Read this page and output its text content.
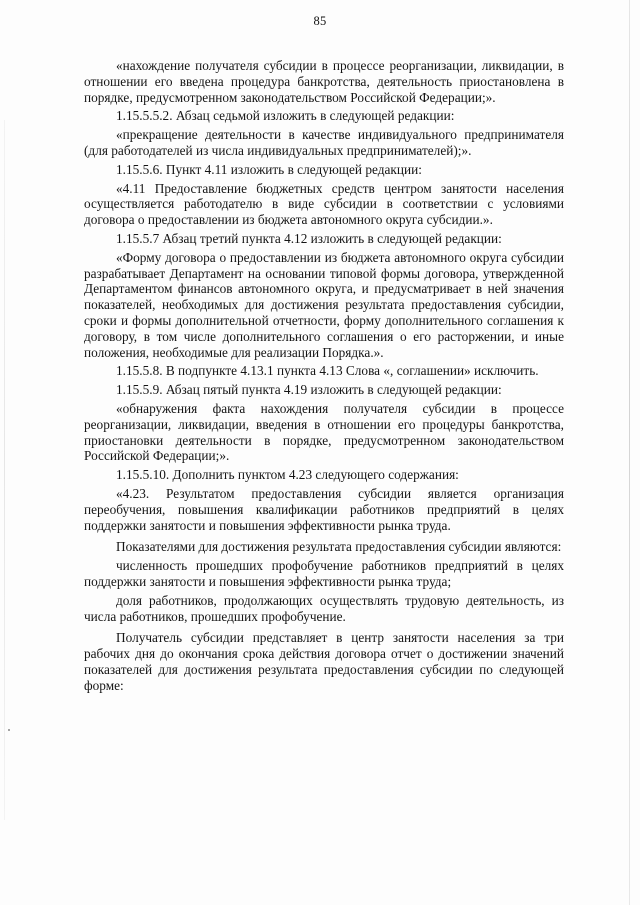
85

«нахождение получателя субсидии в процессе реорганизации, ликвидации, в отношении его введена процедура банкротства, деятельность приостановлена в порядке, предусмотренном законодательством Российской Федерации;».

1.15.5.5.2. Абзац седьмой изложить в следующей редакции:

«прекращение деятельности в качестве индивидуального предпринимателя (для работодателей из числа индивидуальных предпринимателей);».

1.15.5.6. Пункт 4.11 изложить в следующей редакции:

«4.11 Предоставление бюджетных средств центром занятости населения осуществляется работодателю в виде субсидии в соответствии с условиями договора о предоставлении из бюджета автономного округа субсидии.».

1.15.5.7 Абзац третий пункта 4.12 изложить в следующей редакции:

«Форму договора о предоставлении из бюджета автономного округа субсидии разрабатывает Департамент на основании типовой формы договора, утвержденной Департаментом финансов автономного округа, и предусматривает в ней значения показателей, необходимых для достижения результата предоставления субсидии, сроки и формы дополнительной отчетности, форму дополнительного соглашения к договору, в том числе дополнительного соглашения о его расторжении, и иные положения, необходимые для реализации Порядка.».

1.15.5.8. В подпункте 4.13.1 пункта 4.13 Слова «, соглашении» исключить.

1.15.5.9. Абзац пятый пункта 4.19 изложить в следующей редакции:

«обнаружения факта нахождения получателя субсидии в процессе реорганизации, ликвидации, введения в отношении его процедуры банкротства, приостановки деятельности в порядке, предусмотренном законодательством Российской Федерации;».

1.15.5.10. Дополнить пунктом 4.23 следующего содержания:

«4.23. Результатом предоставления субсидии является организация переобучения, повышения квалификации работников предприятий в целях поддержки занятости и повышения эффективности рынка труда.

Показателями для достижения результата предоставления субсидии являются:

численность прошедших профобучение работников предприятий в целях поддержки занятости и повышения эффективности рынка труда;

доля работников, продолжающих осуществлять трудовую деятельность, из числа работников, прошедших профобучение.

Получатель субсидии представляет в центр занятости населения за три рабочих дня до окончания срока действия договора отчет о достижении значений показателей для достижения результата предоставления субсидии по следующей форме:
